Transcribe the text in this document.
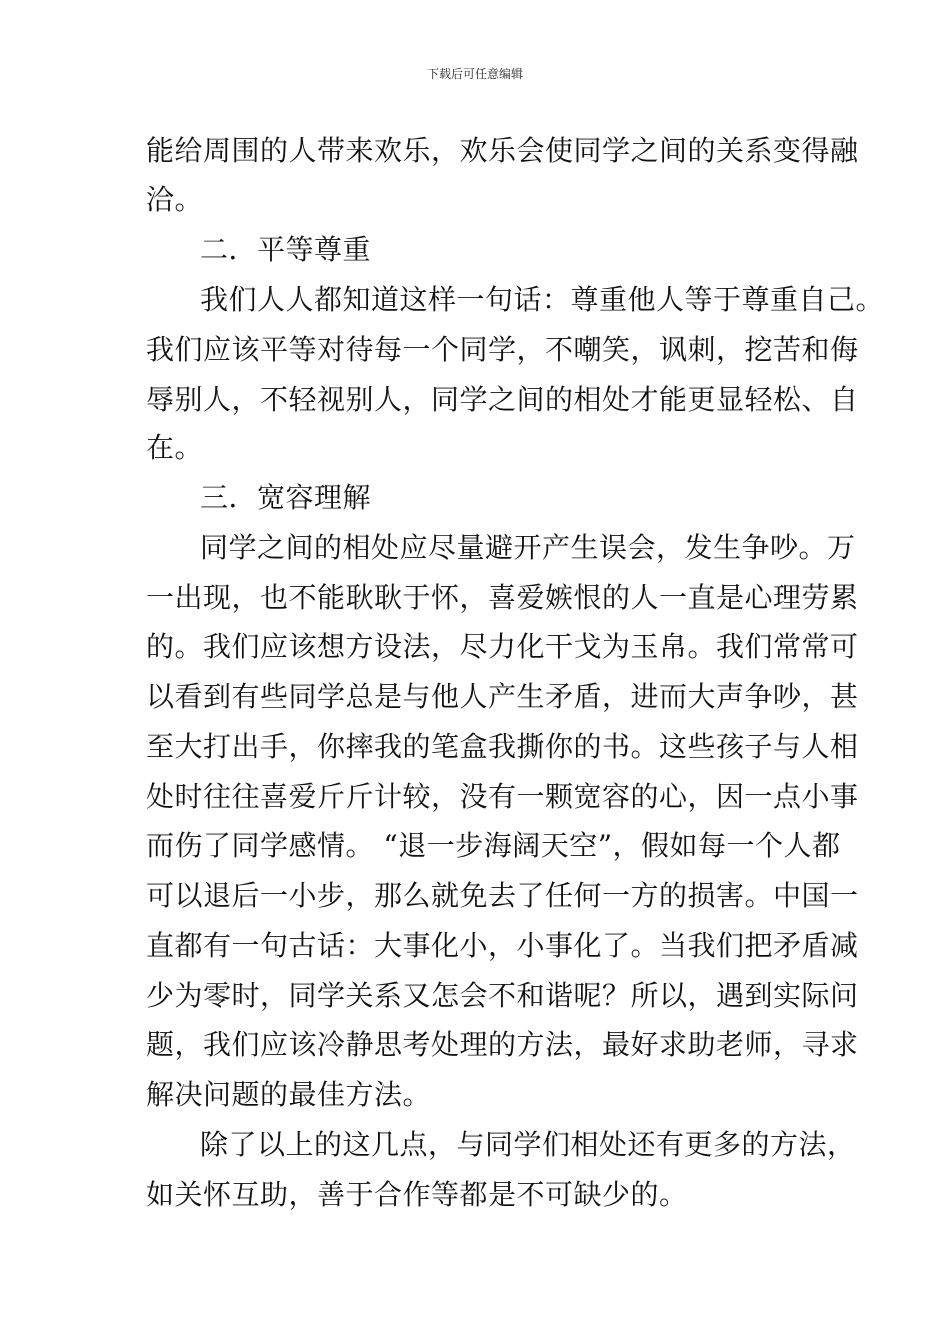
下载后可任意编辑
能给周围的人带来欢乐，欢乐会使同学之间的关系变得融
洽。
二．平等尊重
我们人人都知道这样一句话：尊重他人等于尊重自己。
我们应该平等对待每一个同学，不嘲笑，讽刺，挖苦和侮
辱别人，不轻视别人，同学之间的相处才能更显轻松、自
在。
三．宽容理解
同学之间的相处应尽量避开产生误会，发生争吵。万
一出现，也不能耿耿于怀，喜爱嫉恨的人一直是心理劳累
的。我们应该想方设法，尽力化干戈为玉帛。我们常常可
以看到有些同学总是与他人产生矛盾，进而大声争吵，甚
至大打出手，你摔我的笔盒我撕你的书。这些孩子与人相
处时往往喜爱斤斤计较，没有一颗宽容的心，因一点小事
而伤了同学感情。 “退一步海阔天空”，假如每一个人都
可以退后一小步，那么就免去了任何一方的损害。中国一
直都有一句古话：大事化小，小事化了。当我们把矛盾减
少为零时，同学关系又怎会不和谐呢？所以，遇到实际问
题，我们应该冷静思考处理的方法，最好求助老师，寻求
解决问题的最佳方法。
除了以上的这几点，与同学们相处还有更多的方法，
如关怀互助，善于合作等都是不可缺少的。
